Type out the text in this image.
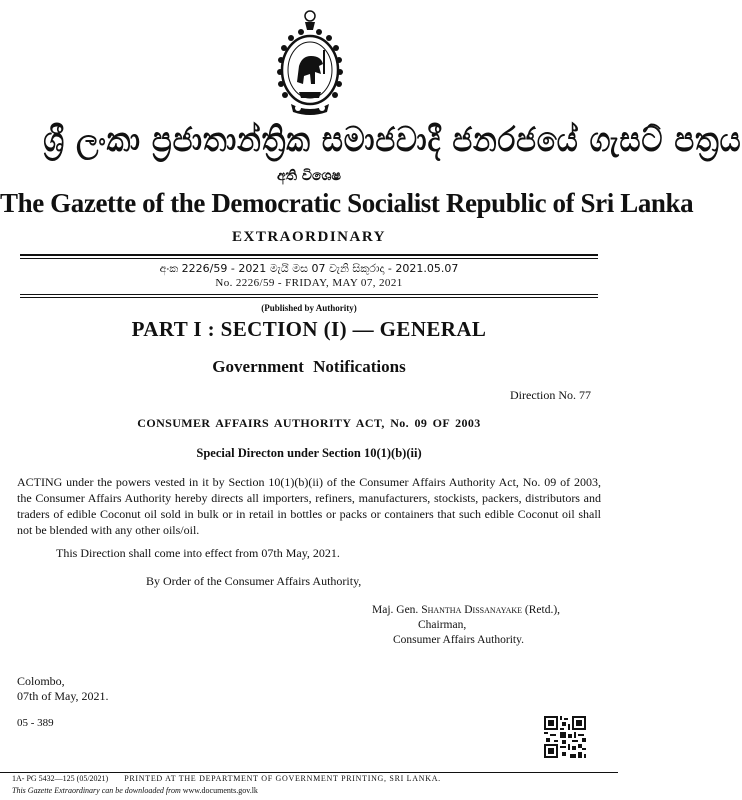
ශ්‍රී ලංකා ප්‍රජාතාන්ත්‍රික සමාජවාදී ජනරජයේ ගැසට් පත්‍රය
අති විශෙෂ
The Gazette of the Democratic Socialist Republic of Sri Lanka
EXTRAORDINARY
අංක 2226/59 - 2021 මැයි මස 07 වැනි සිකුරාදා - 2021.05.07
No. 2226/59 - FRIDAY, MAY 07, 2021
(Published by Authority)
PART I : SECTION (I) — GENERAL
Government Notifications
Direction No. 77
CONSUMER AFFAIRS AUTHORITY ACT, No. 09 OF 2003
Special Directon under Section 10(1)(b)(ii)
ACTING under the powers vested in it by Section 10(1)(b)(ii) of the Consumer Affairs Authority Act, No. 09 of 2003, the Consumer Affairs Authority hereby directs all importers, refiners, manufacturers, stockists, packers, distributors and traders of edible Coconut oil sold in bulk or in retail in bottles or packs or containers that such edible Coconut oil shall not be blended with any other oils/oil.
This Direction shall come into effect from 07th May, 2021.
By Order of the Consumer Affairs Authority,
Maj. Gen. Shantha Dissanayake (Retd.),
Chairman,
Consumer Affairs Authority.
Colombo,
07th of May, 2021.
05 - 389
1A- PG 5432—125 (05/2021) PRINTED AT THE DEPARTMENT OF GOVERNMENT PRINTING, SRI LANKA.
This Gazette Extraordinary can be downloaded from www.documents.gov.lk
